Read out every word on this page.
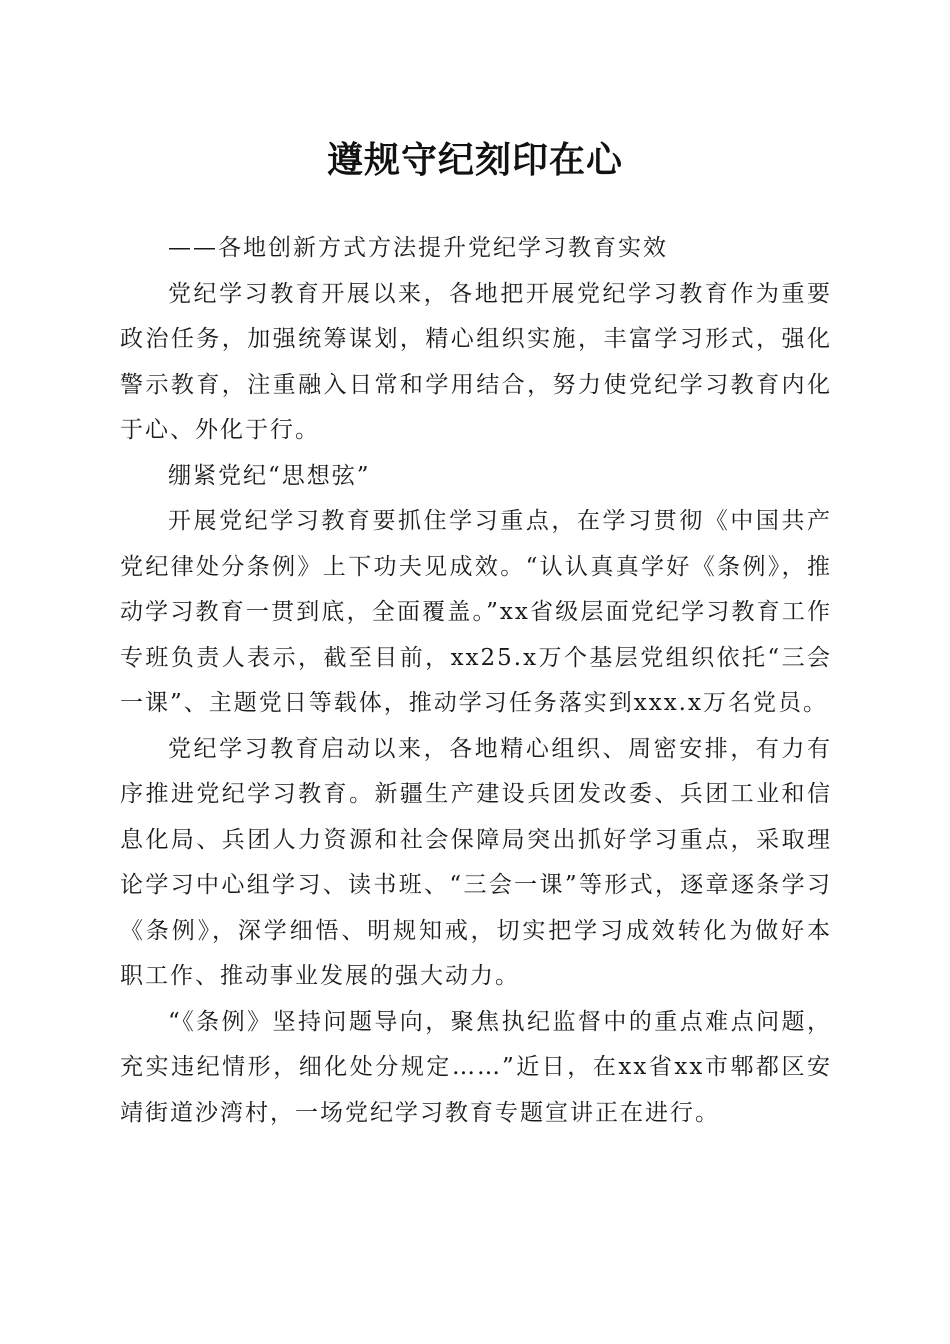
遵规守纪刻印在心

——各地创新方式方法提升党纪学习教育实效

党纪学习教育开展以来，各地把开展党纪学习教育作为重要政治任务，加强统筹谋划，精心组织实施，丰富学习形式，强化警示教育，注重融入日常和学用结合，努力使党纪学习教育内化于心、外化于行。

绷紧党纪“思想弦”

开展党纪学习教育要抓住学习重点，在学习贯彻《中国共产党纪律处分条例》上下功夫见成效。“认认真真学好《条例》，推动学习教育一贯到底，全面覆盖。”xx省级层面党纪学习教育工作专班负责人表示，截至目前，xx25.x万个基层党组织依托“三会一课”、主题党日等载体，推动学习任务落实到xxx.x万名党员。

党纪学习教育启动以来，各地精心组织、周密安排，有力有序推进党纪学习教育。新疆生产建设兵团发改委、兵团工业和信息化局、兵团人力资源和社会保障局突出抓好学习重点，采取理论学习中心组学习、读书班、“三会一课”等形式，逐章逐条学习《条例》，深学细悟、明规知戒，切实把学习成效转化为做好本职工作、推动事业发展的强大动力。

“《条例》坚持问题导向，聚焦执纪监督中的重点难点问题，充实违纪情形，细化处分规定……”近日，在xx省xx市郫都区安靖街道沙湾村，一场党纪学习教育专题宣讲正在进行。
